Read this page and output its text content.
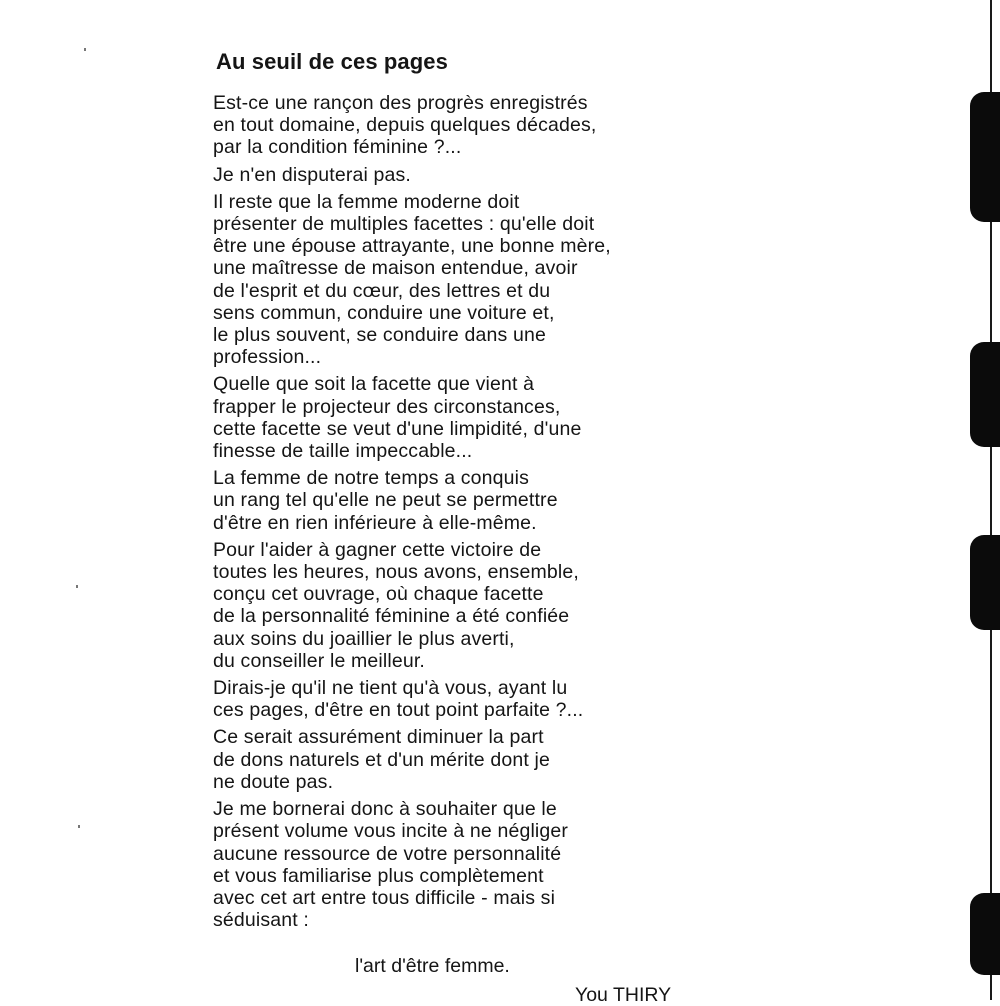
Au seuil de ces pages

Est-ce une rançon des progrès enregistrés
en tout domaine, depuis quelques décades,
par la condition féminine ?...

Je n'en disputerai pas.

Il reste que la femme moderne doit
présenter de multiples facettes : qu'elle doit
être une épouse attrayante, une bonne mère,
une maîtresse de maison entendue, avoir
de l'esprit et du cœur, des lettres et du
sens commun, conduire une voiture et,
le plus souvent, se conduire dans une
profession...

Quelle que soit la facette que vient à
frapper le projecteur des circonstances,
cette facette se veut d'une limpidité, d'une
finesse de taille impeccable...

La femme de notre temps a conquis
un rang tel qu'elle ne peut se permettre
d'être en rien inférieure à elle-même.

Pour l'aider à gagner cette victoire de
toutes les heures, nous avons, ensemble,
conçu cet ouvrage, où chaque facette
de la personnalité féminine a été confiée
aux soins du joaillier le plus averti,
du conseiller le meilleur.

Dirais-je qu'il ne tient qu'à vous, ayant lu
ces pages, d'être en tout point parfaite ?...

Ce serait assurément diminuer la part
de dons naturels et d'un mérite dont je
ne doute pas.

Je me bornerai donc à souhaiter que le
présent volume vous incite à ne négliger
aucune ressource de votre personnalité
et vous familiarise plus complètement
avec cet art entre tous difficile - mais si
séduisant :

l'art d'être femme.
You THIRY
